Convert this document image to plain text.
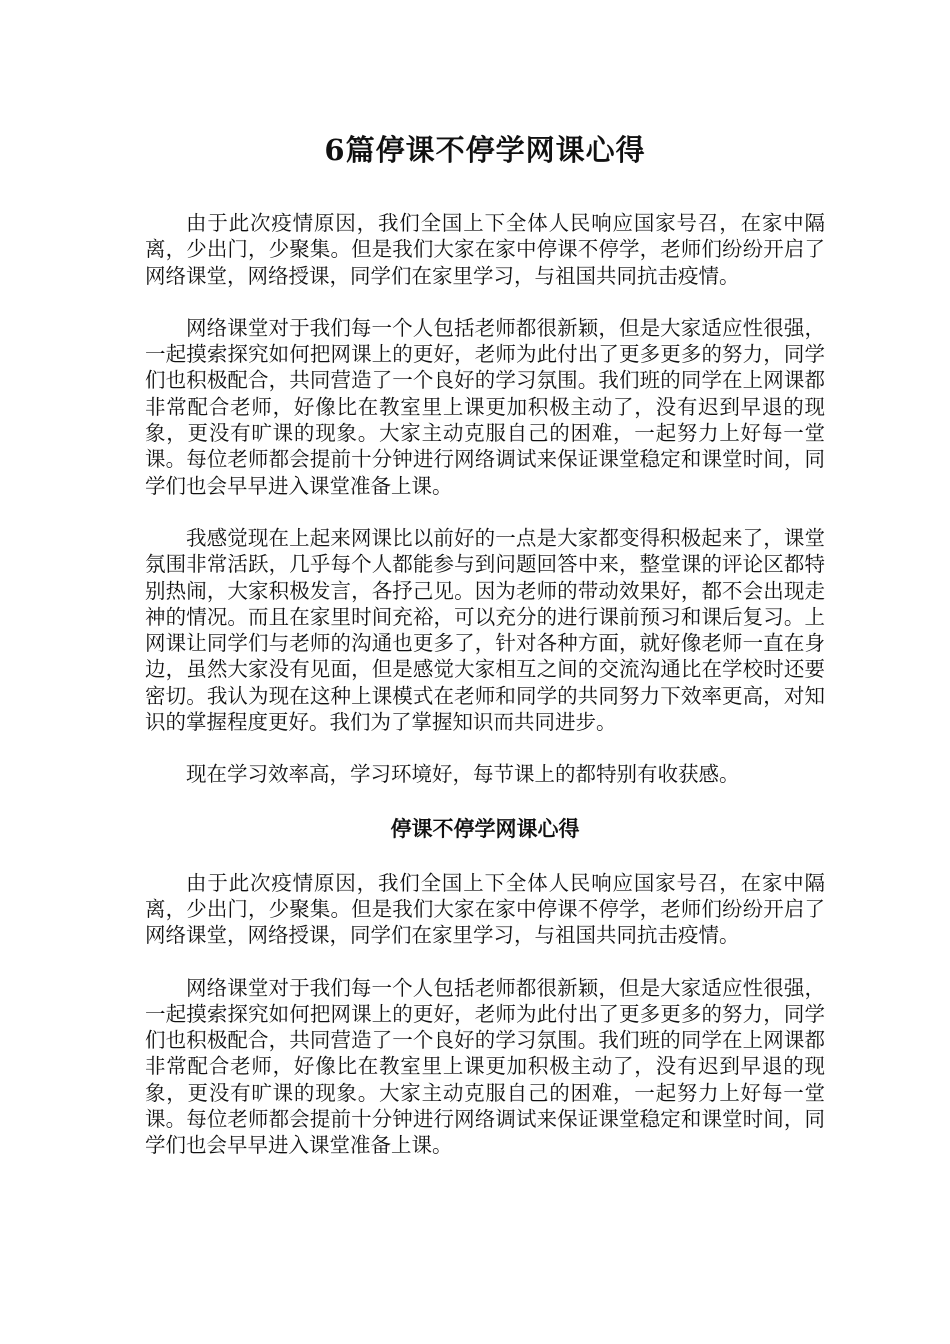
6篇停课不停学网课心得

由于此次疫情原因，我们全国上下全体人民响应国家号召，在家中隔离，少出门，少聚集。但是我们大家在家中停课不停学，老师们纷纷开启了网络课堂，网络授课，同学们在家里学习，与祖国共同抗击疫情。

网络课堂对于我们每一个人包括老师都很新颖，但是大家适应性很强，一起摸索探究如何把网课上的更好，老师为此付出了更多更多的努力，同学们也积极配合，共同营造了一个良好的学习氛围。我们班的同学在上网课都非常配合老师，好像比在教室里上课更加积极主动了，没有迟到早退的现象，更没有旷课的现象。大家主动克服自己的困难，一起努力上好每一堂课。每位老师都会提前十分钟进行网络调试来保证课堂稳定和课堂时间，同学们也会早早进入课堂准备上课。

我感觉现在上起来网课比以前好的一点是大家都变得积极起来了，课堂氛围非常活跃，几乎每个人都能参与到问题回答中来，整堂课的评论区都特别热闹，大家积极发言，各抒己见。因为老师的带动效果好，都不会出现走神的情况。而且在家里时间充裕，可以充分的进行课前预习和课后复习。上网课让同学们与老师的沟通也更多了，针对各种方面，就好像老师一直在身边，虽然大家没有见面，但是感觉大家相互之间的交流沟通比在学校时还要密切。我认为现在这种上课模式在老师和同学的共同努力下效率更高，对知识的掌握程度更好。我们为了掌握知识而共同进步。

现在学习效率高，学习环境好，每节课上的都特别有收获感。

停课不停学网课心得

由于此次疫情原因，我们全国上下全体人民响应国家号召，在家中隔离，少出门，少聚集。但是我们大家在家中停课不停学，老师们纷纷开启了网络课堂，网络授课，同学们在家里学习，与祖国共同抗击疫情。

网络课堂对于我们每一个人包括老师都很新颖，但是大家适应性很强，一起摸索探究如何把网课上的更好，老师为此付出了更多更多的努力，同学们也积极配合，共同营造了一个良好的学习氛围。我们班的同学在上网课都非常配合老师，好像比在教室里上课更加积极主动了，没有迟到早退的现象，更没有旷课的现象。大家主动克服自己的困难，一起努力上好每一堂课。每位老师都会提前十分钟进行网络调试来保证课堂稳定和课堂时间，同学们也会早早进入课堂准备上课。
